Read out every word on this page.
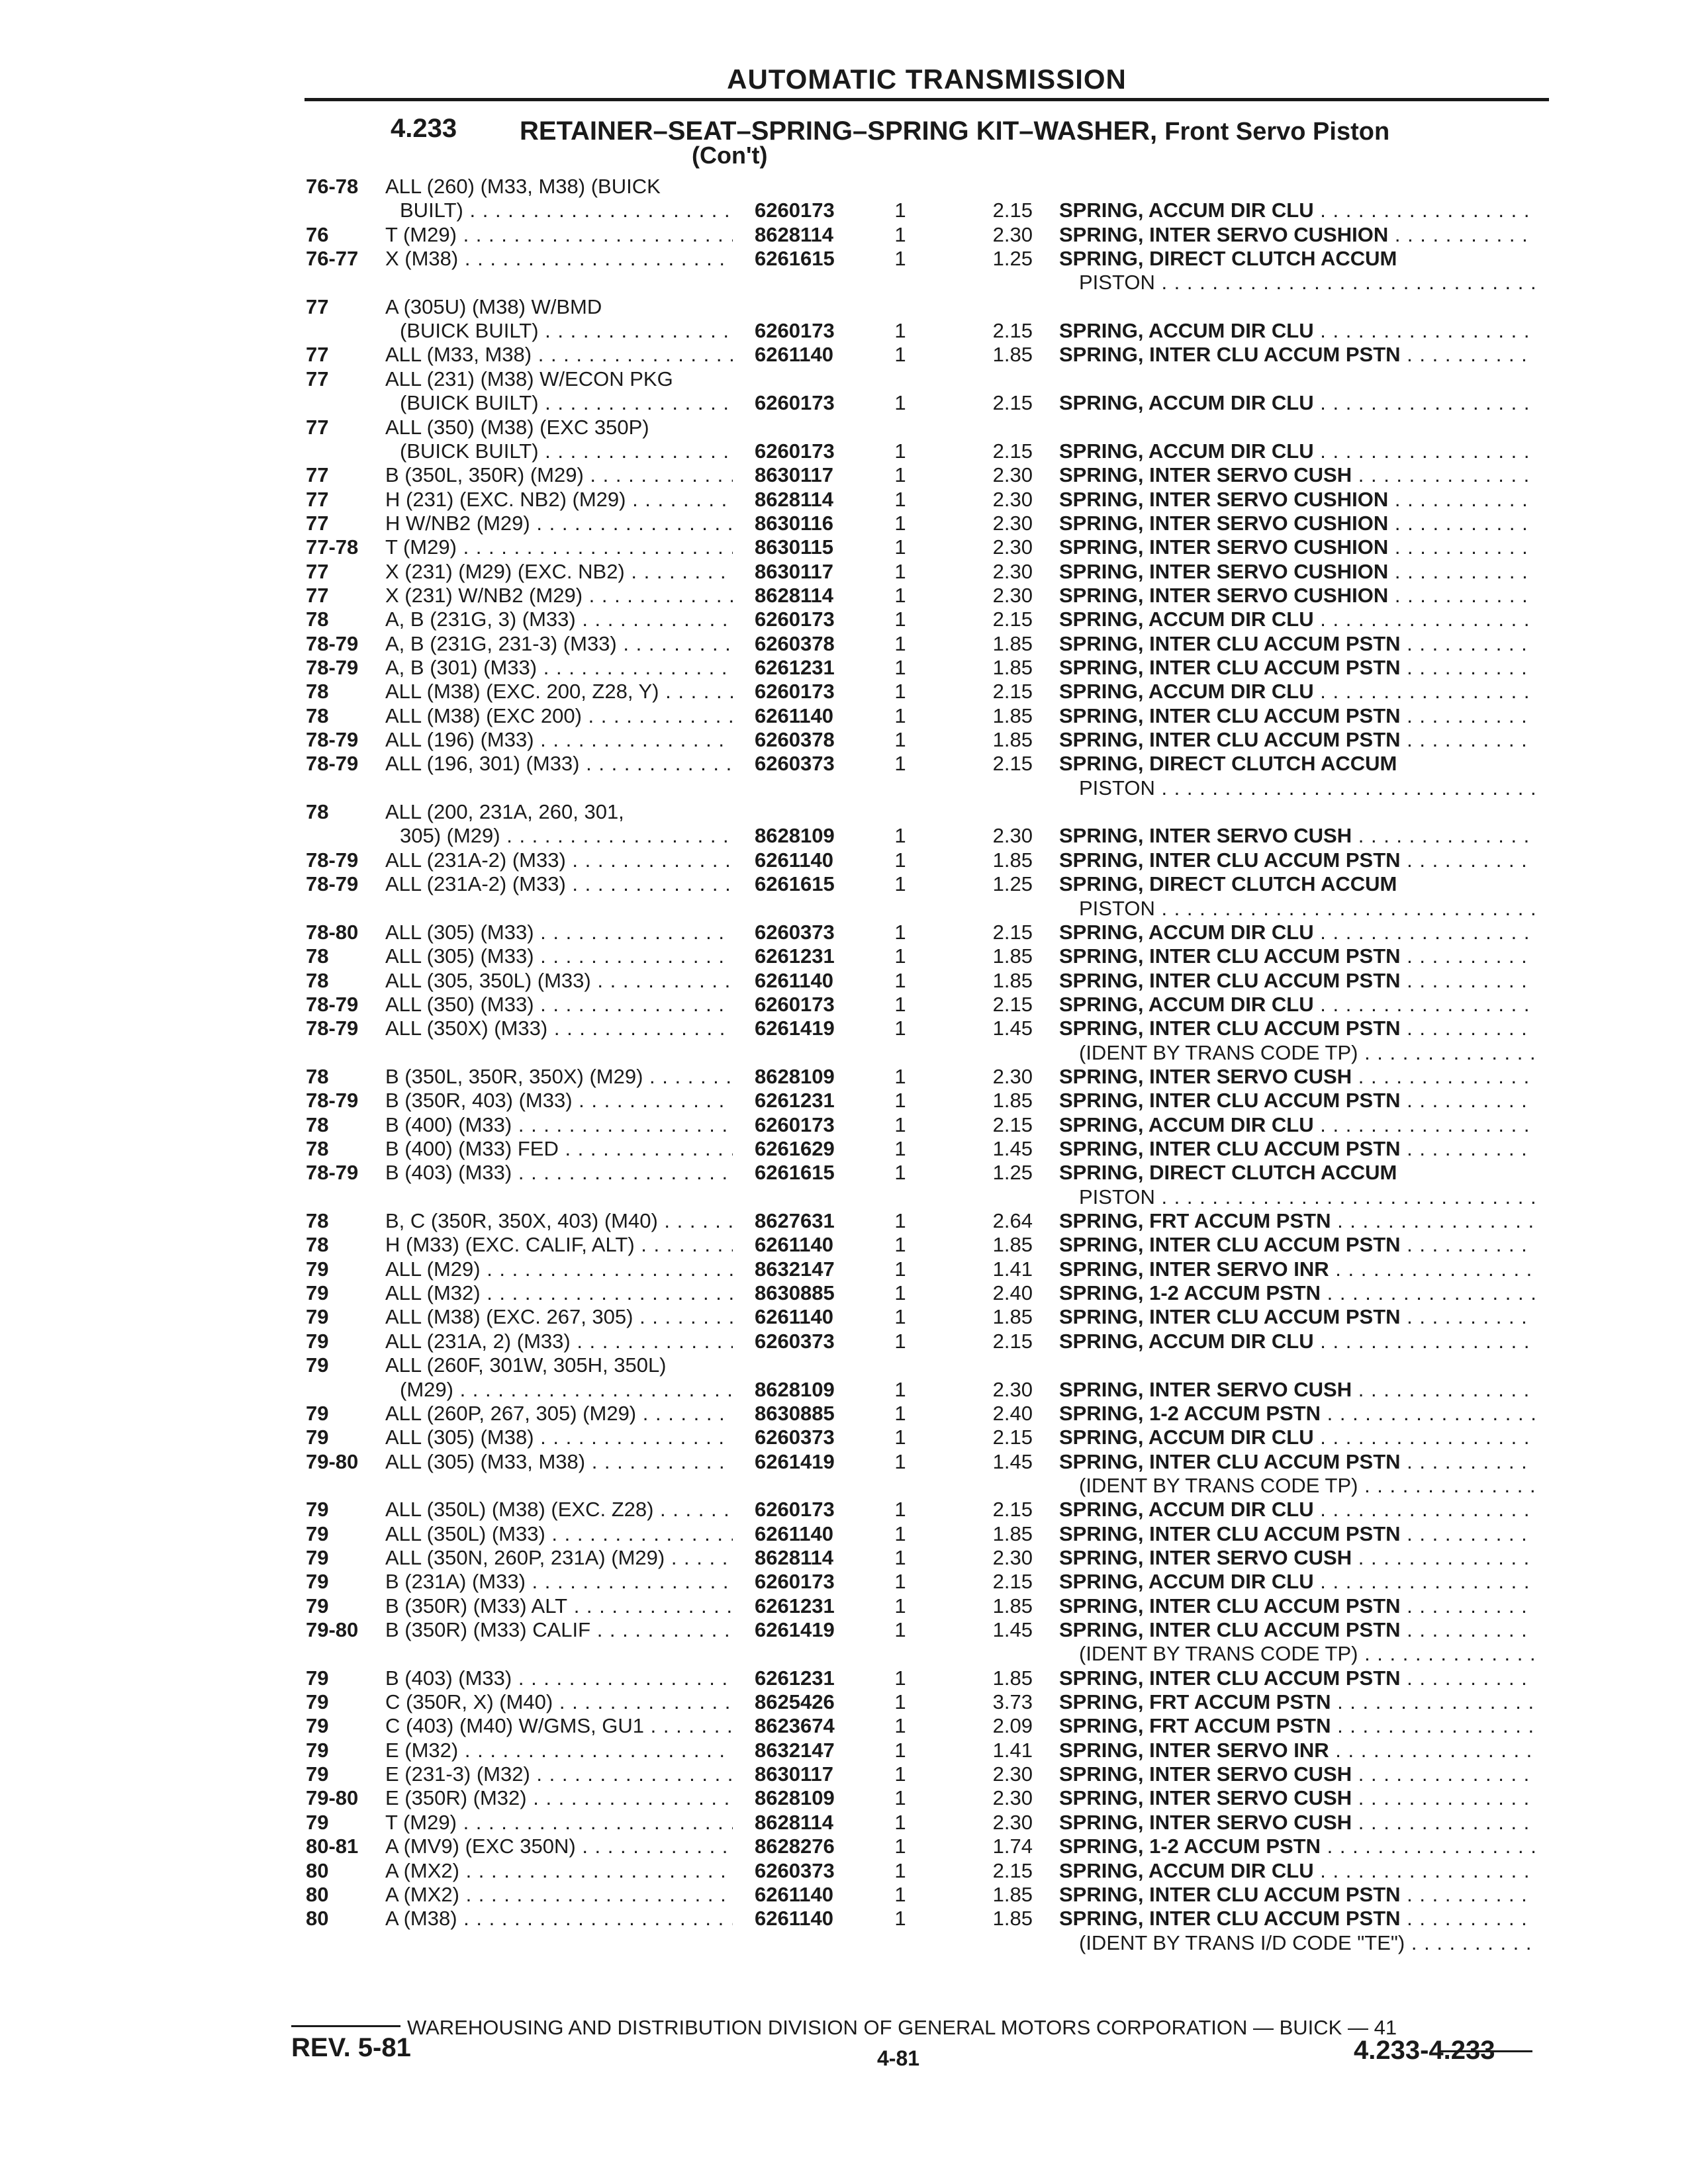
AUTOMATIC TRANSMISSION
4.233 RETAINER–SEAT–SPRING–SPRING KIT–WASHER, Front Servo Piston
(Con't)
76-78	ALL (260) (M33, M38) (BUICK
BUILT) . . .	6260173	1	2.15 SPRING, ACCUM DIR CLU . . .
76	T (M29) . . .	8628114	1	2.30 SPRING, INTER SERVO CUSHION . . .
76-77	X (M38) . . .	6261615	1	1.25 SPRING, DIRECT CLUTCH ACCUM
PISTON . . .
77	A (305U) (M38) W/BMD
(BUICK BUILT) . . .	6260173	1	2.15 SPRING, ACCUM DIR CLU . . .
77	ALL (M33, M38) . . .	6261140	1	1.85 SPRING, INTER CLU ACCUM PSTN . . .
77	ALL (231) (M38) W/ECON PKG
(BUICK BUILT) . . .	6260173	1	2.15 SPRING, ACCUM DIR CLU . . .
77	ALL (350) (M38) (EXC 350P)
(BUICK BUILT) . . .	6260173	1	2.15 SPRING, ACCUM DIR CLU . . .
77	B (350L, 350R) (M29) . . .	8630117	1	2.30 SPRING, INTER SERVO CUSH . . .
77	H (231) (EXC. NB2) (M29) . . .	8628114	1	2.30 SPRING, INTER SERVO CUSHION . . .
77	H W/NB2 (M29) . . .	8630116	1	2.30 SPRING, INTER SERVO CUSHION . . .
77-78	T (M29) . . .	8630115	1	2.30 SPRING, INTER SERVO CUSHION . . .
77	X (231) (M29) (EXC. NB2) . . .	8630117	1	2.30 SPRING, INTER SERVO CUSHION . . .
77	X (231) W/NB2 (M29) . . .	8628114	1	2.30 SPRING, INTER SERVO CUSHION . . .
78	A, B (231G, 3) (M33) . . .	6260173	1	2.15 SPRING, ACCUM DIR CLU . . .
78-79	A, B (231G, 231-3) (M33) . . .	6260378	1	1.85 SPRING, INTER CLU ACCUM PSTN . . .
78-79	A, B (301) (M33) . . .	6261231	1	1.85 SPRING, INTER CLU ACCUM PSTN . . .
78	ALL (M38) (EXC. 200, Z28, Y) . . .	6260173	1	2.15 SPRING, ACCUM DIR CLU . . .
78	ALL (M38) (EXC 200) . . .	6261140	1	1.85 SPRING, INTER CLU ACCUM PSTN . . .
78-79	ALL (196) (M33) . . .	6260378	1	1.85 SPRING, INTER CLU ACCUM PSTN . . .
78-79	ALL (196, 301) (M33) . . .	6260373	1	2.15 SPRING, DIRECT CLUTCH ACCUM
PISTON . . .
78	ALL (200, 231A, 260, 301,
305) (M29) . . .	8628109	1	2.30 SPRING, INTER SERVO CUSH . . .
78-79	ALL (231A-2) (M33) . . .	6261140	1	1.85 SPRING, INTER CLU ACCUM PSTN . . .
78-79	ALL (231A-2) (M33) . . .	6261615	1	1.25 SPRING, DIRECT CLUTCH ACCUM
PISTON . . .
78-80	ALL (305) (M33) . . .	6260373	1	2.15 SPRING, ACCUM DIR CLU . . .
78	ALL (305) (M33) . . .	6261231	1	1.85 SPRING, INTER CLU ACCUM PSTN . . .
78	ALL (305, 350L) (M33) . . .	6261140	1	1.85 SPRING, INTER CLU ACCUM PSTN . . .
78-79	ALL (350) (M33) . . .	6260173	1	2.15 SPRING, ACCUM DIR CLU . . .
78-79	ALL (350X) (M33) . . .	6261419	1	1.45 SPRING, INTER CLU ACCUM PSTN . . .
(IDENT BY TRANS CODE TP) . . .
78	B (350L, 350R, 350X) (M29) . . .	8628109	1	2.30 SPRING, INTER SERVO CUSH . . .
78-79	B (350R, 403) (M33) . . .	6261231	1	1.85 SPRING, INTER CLU ACCUM PSTN . . .
78	B (400) (M33) . . .	6260173	1	2.15 SPRING, ACCUM DIR CLU . . .
78	B (400) (M33) FED . . .	6261629	1	1.45 SPRING, INTER CLU ACCUM PSTN . . .
78-79	B (403) (M33) . . .	6261615	1	1.25 SPRING, DIRECT CLUTCH ACCUM
PISTON . . .
78	B, C (350R, 350X, 403) (M40) . . .	8627631	1	2.64 SPRING, FRT ACCUM PSTN . . .
78	H (M33) (EXC. CALIF, ALT) . . .	6261140	1	1.85 SPRING, INTER CLU ACCUM PSTN . . .
79	ALL (M29) . . .	8632147	1	1.41 SPRING, INTER SERVO INR . . .
79	ALL (M32) . . .	8630885	1	2.40 SPRING, 1-2 ACCUM PSTN . . .
79	ALL (M38) (EXC. 267, 305) . . .	6261140	1	1.85 SPRING, INTER CLU ACCUM PSTN . . .
79	ALL (231A, 2) (M33) . . .	6260373	1	2.15 SPRING, ACCUM DIR CLU . . .
79	ALL (260F, 301W, 305H, 350L)
(M29) . . .	8628109	1	2.30 SPRING, INTER SERVO CUSH . . .
79	ALL (260P, 267, 305) (M29) . . .	8630885	1	2.40 SPRING, 1-2 ACCUM PSTN . . .
79	ALL (305) (M38) . . .	6260373	1	2.15 SPRING, ACCUM DIR CLU . . .
79-80	ALL (305) (M33, M38) . . .	6261419	1	1.45 SPRING, INTER CLU ACCUM PSTN . . .
(IDENT BY TRANS CODE TP) . . .
79	ALL (350L) (M38) (EXC. Z28) . . .	6260173	1	2.15 SPRING, ACCUM DIR CLU . . .
79	ALL (350L) (M33) . . .	6261140	1	1.85 SPRING, INTER CLU ACCUM PSTN . . .
79	ALL (350N, 260P, 231A) (M29) . . .	8628114	1	2.30 SPRING, INTER SERVO CUSH . . .
79	B (231A) (M33) . . .	6260173	1	2.15 SPRING, ACCUM DIR CLU . . .
79	B (350R) (M33) ALT . . .	6261231	1	1.85 SPRING, INTER CLU ACCUM PSTN . . .
79-80	B (350R) (M33) CALIF . . .	6261419	1	1.45 SPRING, INTER CLU ACCUM PSTN . . .
(IDENT BY TRANS CODE TP) . . .
79	B (403) (M33) . . .	6261231	1	1.85 SPRING, INTER CLU ACCUM PSTN . . .
79	C (350R, X) (M40) . . .	8625426	1	3.73 SPRING, FRT ACCUM PSTN . . .
79	C (403) (M40) W/GMS, GU1 . . .	8623674	1	2.09 SPRING, FRT ACCUM PSTN . . .
79	E (M32) . . .	8632147	1	1.41 SPRING, INTER SERVO INR . . .
79	E (231-3) (M32) . . .	8630117	1	2.30 SPRING, INTER SERVO CUSH . . .
79-80	E (350R) (M32) . . .	8628109	1	2.30 SPRING, INTER SERVO CUSH . . .
79	T (M29) . . .	8628114	1	2.30 SPRING, INTER SERVO CUSH . . .
80-81	A (MV9) (EXC 350N) . . .	8628276	1	1.74 SPRING, 1-2 ACCUM PSTN . . .
80	A (MX2) . . .	6260373	1	2.15 SPRING, ACCUM DIR CLU . . .
80	A (MX2) . . .	6261140	1	1.85 SPRING, INTER CLU ACCUM PSTN . . .
80	A (M38) . . .	6261140	1	1.85 SPRING, INTER CLU ACCUM PSTN . . .
(IDENT BY TRANS I/D CODE "TE") . . .
WAREHOUSING AND DISTRIBUTION DIVISION OF GENERAL MOTORS CORPORATION — BUICK — 41
REV. 5-81	4-81	4.233-4.233
